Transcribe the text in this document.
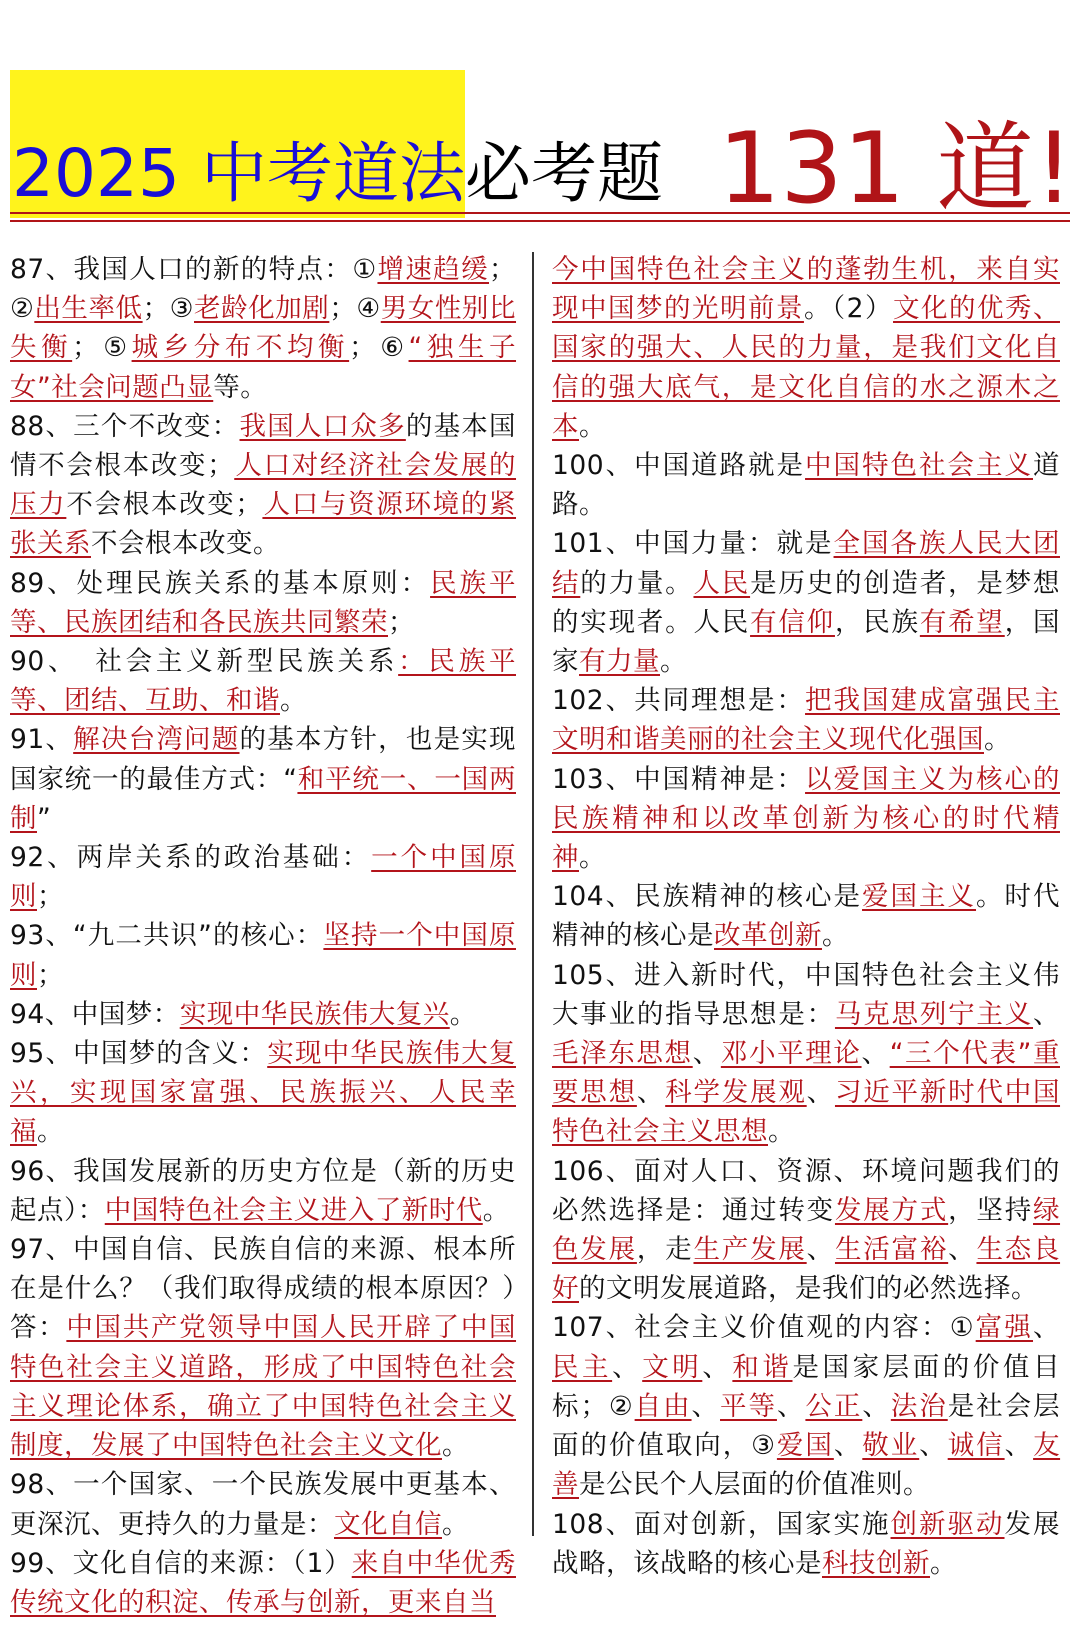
2025 中考道法必考题 131 道!

87、我国人口的新的特点：①增速趋缓；②出生率低；③老龄化加剧；④男女性别比失衡；⑤城乡分布不均衡；⑥“独生子女”社会问题凸显等。

88、三个不改变：我国人口众多的基本国情不会根本改变；人口对经济社会发展的压力不会根本改变；人口与资源环境的紧张关系不会根本改变。

89、处理民族关系的基本原则：民族平等、民族团结和各民族共同繁荣；

90、　社会主义新型民族关系：民族平等、团结、互助、和谐。

91、解决台湾问题的基本方针，也是实现国家统一的最佳方式：“和平统一、一国两制”

92、两岸关系的政治基础：一个中国原则；

93、“九二共识”的核心：坚持一个中国原则；

94、中国梦：实现中华民族伟大复兴。

95、中国梦的含义：实现中华民族伟大复兴，实现国家富强、民族振兴、人民幸福。

96、我国发展新的历史方位是（新的历史起点）：中国特色社会主义进入了新时代。

97、中国自信、民族自信的来源、根本所在是什么？（我们取得成绩的根本原因？）答：中国共产党领导中国人民开辟了中国特色社会主义道路，形成了中国特色社会主义理论体系，确立了中国特色社会主义制度，发展了中国特色社会主义文化。

98、一个国家、一个民族发展中更基本、更深沉、更持久的力量是：文化自信。

99、文化自信的来源：（1）来自中华优秀传统文化的积淀、传承与创新，更来自当

今中国特色社会主义的蓬勃生机，来自实现中国梦的光明前景。（2）文化的优秀、国家的强大、人民的力量，是我们文化自信的强大底气，是文化自信的水之源木之本。

100、中国道路就是中国特色社会主义道路。

101、中国力量：就是全国各族人民大团结的力量。人民是历史的创造者，是梦想的实现者。人民有信仰，民族有希望，国家有力量。

102、共同理想是：把我国建成富强民主文明和谐美丽的社会主义现代化强国。

103、中国精神是：以爱国主义为核心的民族精神和以改革创新为核心的时代精神。

104、民族精神的核心是爱国主义。时代精神的核心是改革创新。

105、进入新时代，中国特色社会主义伟大事业的指导思想是：马克思列宁主义、毛泽东思想、邓小平理论、“三个代表”重要思想、科学发展观、习近平新时代中国特色社会主义思想。

106、面对人口、资源、环境问题我们的必然选择是：通过转变发展方式，坚持绿色发展，走生产发展、生活富裕、生态良好的文明发展道路，是我们的必然选择。

107、社会主义价值观的内容：①富强、民主、文明、和谐是国家层面的价值目标；②自由、平等、公正、法治是社会层面的价值取向，③爱国、敬业、诚信、友善是公民个人层面的价值准则。

108、面对创新，国家实施创新驱动发展战略，该战略的核心是科技创新。
